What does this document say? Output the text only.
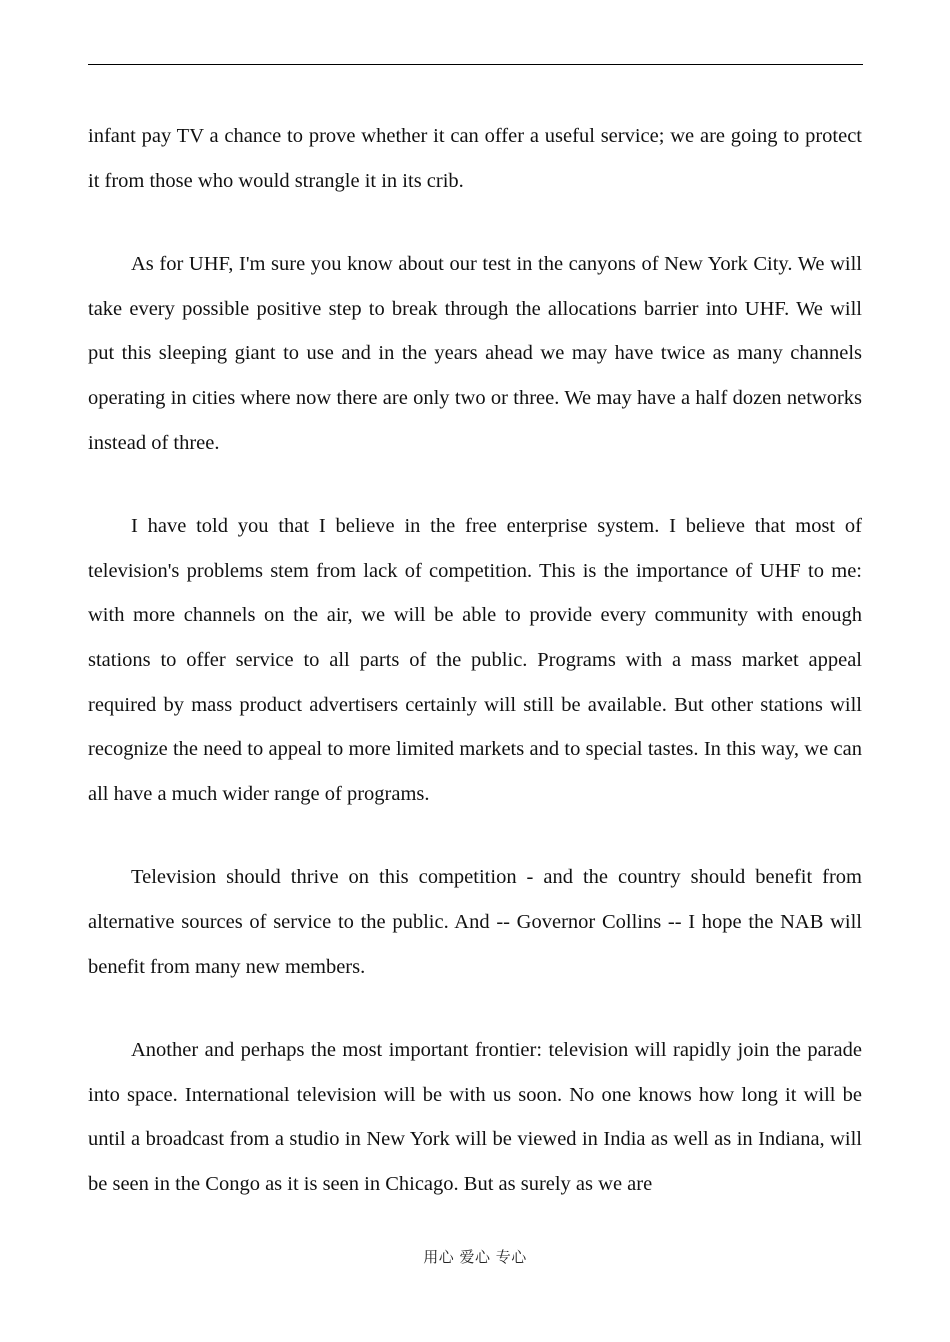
infant pay TV a chance to prove whether it can offer a useful service; we are going to protect it from those who would strangle it in its crib.

As for UHF, I'm sure you know about our test in the canyons of New York City. We will take every possible positive step to break through the allocations barrier into UHF. We will put this sleeping giant to use and in the years ahead we may have twice as many channels operating in cities where now there are only two or three. We may have a half dozen networks instead of three.

I have told you that I believe in the free enterprise system. I believe that most of television's problems stem from lack of competition. This is the importance of UHF to me: with more channels on the air, we will be able to provide every community with enough stations to offer service to all parts of the public. Programs with a mass market appeal required by mass product advertisers certainly will still be available. But other stations will recognize the need to appeal to more limited markets and to special tastes. In this way, we can all have a much wider range of programs.

Television should thrive on this competition - and the country should benefit from alternative sources of service to the public. And -- Governor Collins -- I hope the NAB will benefit from many new members.

Another and perhaps the most important frontier: television will rapidly join the parade into space. International television will be with us soon. No one knows how long it will be until a broadcast from a studio in New York will be viewed in India as well as in Indiana, will be seen in the Congo as it is seen in Chicago. But as surely as we are

用心 爱心 专心
